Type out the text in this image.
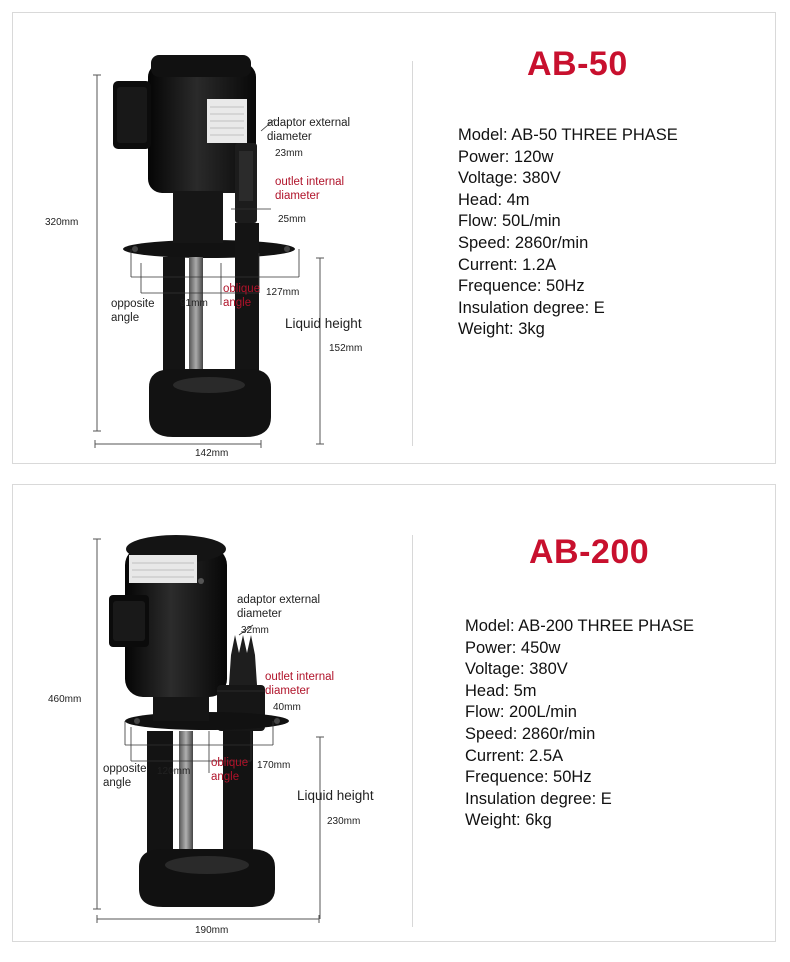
320mm
adaptor external
diameter
23mm
outlet internal
diameter
25mm
opposite
angle
91mm
oblique
angle
127mm
Liquid height
152mm
142mm
AB-50
Model: AB-50 THREE PHASE
Power: 120w
Voltage: 380V
Head: 4m
Flow: 50L/min
Speed: 2860r/min
Current: 1.2A
Frequence: 50Hz
Insulation degree: E
Weight: 3kg
460mm
adaptor external
diameter
32mm
outlet internal
diameter
40mm
opposite
angle
120mm
oblique
angle
170mm
Liquid height
230mm
190mm
AB-200
Model: AB-200 THREE PHASE
Power: 450w
Voltage: 380V
Head: 5m
Flow: 200L/min
Speed: 2860r/min
Current: 2.5A
Frequence: 50Hz
Insulation degree: E
Weight: 6kg
